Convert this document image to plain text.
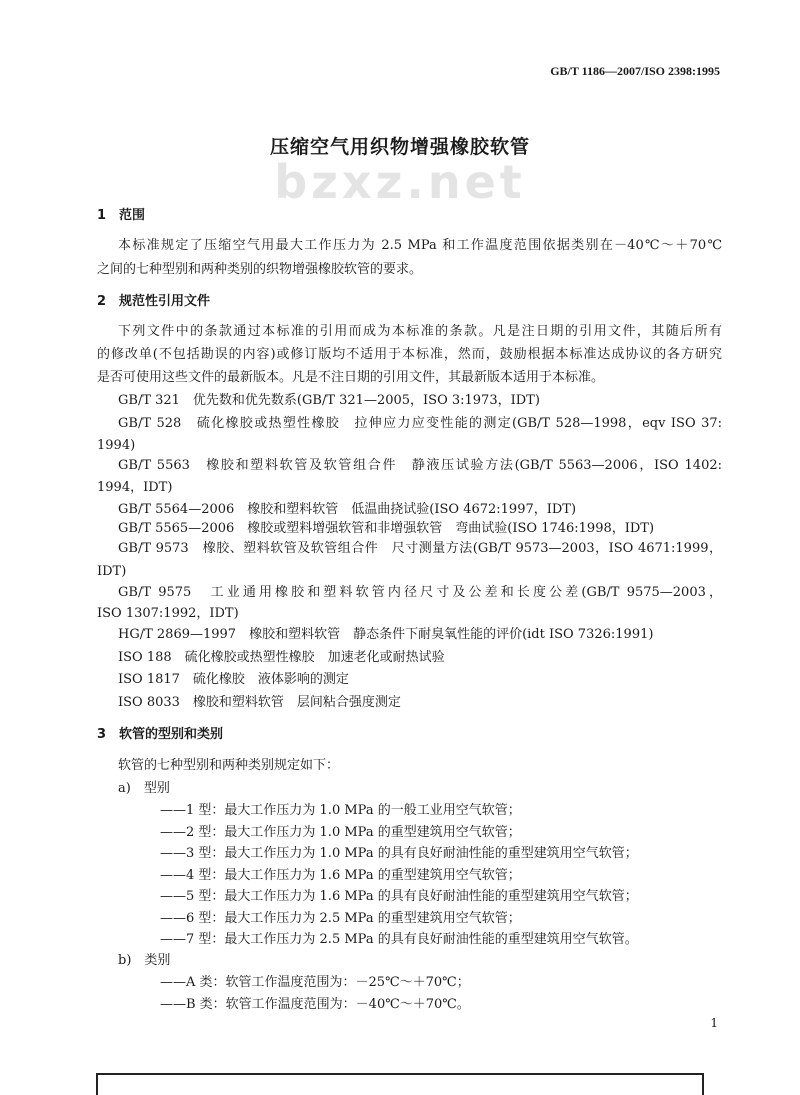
GB/T 1186—2007/ISO 2398:1995
压缩空气用织物增强橡胶软管
bzxz.net
1　范围
本标准规定了压缩空气用最大工作压力为 2.5 MPa 和工作温度范围依据类别在－40℃～＋70℃
之间的七种型别和两种类别的织物增强橡胶软管的要求。
2　规范性引用文件
下列文件中的条款通过本标准的引用而成为本标准的条款。凡是注日期的引用文件，其随后所有
的修改单(不包括勘误的内容)或修订版均不适用于本标准，然而，鼓励根据本标准达成协议的各方研究
是否可使用这些文件的最新版本。凡是不注日期的引用文件，其最新版本适用于本标准。
GB/T 321　优先数和优先数系(GB/T 321—2005，ISO 3:1973，IDT)
GB/T 528　硫化橡胶或热塑性橡胶　拉伸应力应变性能的测定(GB/T 528—1998，eqv ISO 37:
1994)
GB/T 5563　橡胶和塑料软管及软管组合件　静液压试验方法(GB/T 5563—2006，ISO 1402:
1994，IDT)
GB/T 5564—2006　橡胶和塑料软管　低温曲挠试验(ISO 4672:1997，IDT)
GB/T 5565—2006　橡胶或塑料增强软管和非增强软管　弯曲试验(ISO 1746:1998，IDT)
GB/T 9573　橡胶、塑料软管及软管组合件　尺寸测量方法(GB/T 9573—2003，ISO 4671:1999，
IDT)
GB/T 9575　工业通用橡胶和塑料软管内径尺寸及公差和长度公差(GB/T 9575—2003，
ISO 1307:1992，IDT)
HG/T 2869—1997　橡胶和塑料软管　静态条件下耐臭氧性能的评价(idt ISO 7326:1991)
ISO 188　硫化橡胶或热塑性橡胶　加速老化或耐热试验
ISO 1817　硫化橡胶　液体影响的测定
ISO 8033　橡胶和塑料软管　层间粘合强度测定
3　软管的型别和类别
软管的七种型别和两种类别规定如下：
a)　型别
——1 型：最大工作压力为 1.0 MPa 的一般工业用空气软管；
——2 型：最大工作压力为 1.0 MPa 的重型建筑用空气软管；
——3 型：最大工作压力为 1.0 MPa 的具有良好耐油性能的重型建筑用空气软管；
——4 型：最大工作压力为 1.6 MPa 的重型建筑用空气软管；
——5 型：最大工作压力为 1.6 MPa 的具有良好耐油性能的重型建筑用空气软管；
——6 型：最大工作压力为 2.5 MPa 的重型建筑用空气软管；
——7 型：最大工作压力为 2.5 MPa 的具有良好耐油性能的重型建筑用空气软管。
b)　类别
——A 类：软管工作温度范围为：－25℃～＋70℃；
——B 类：软管工作温度范围为：－40℃～＋70℃。
1
